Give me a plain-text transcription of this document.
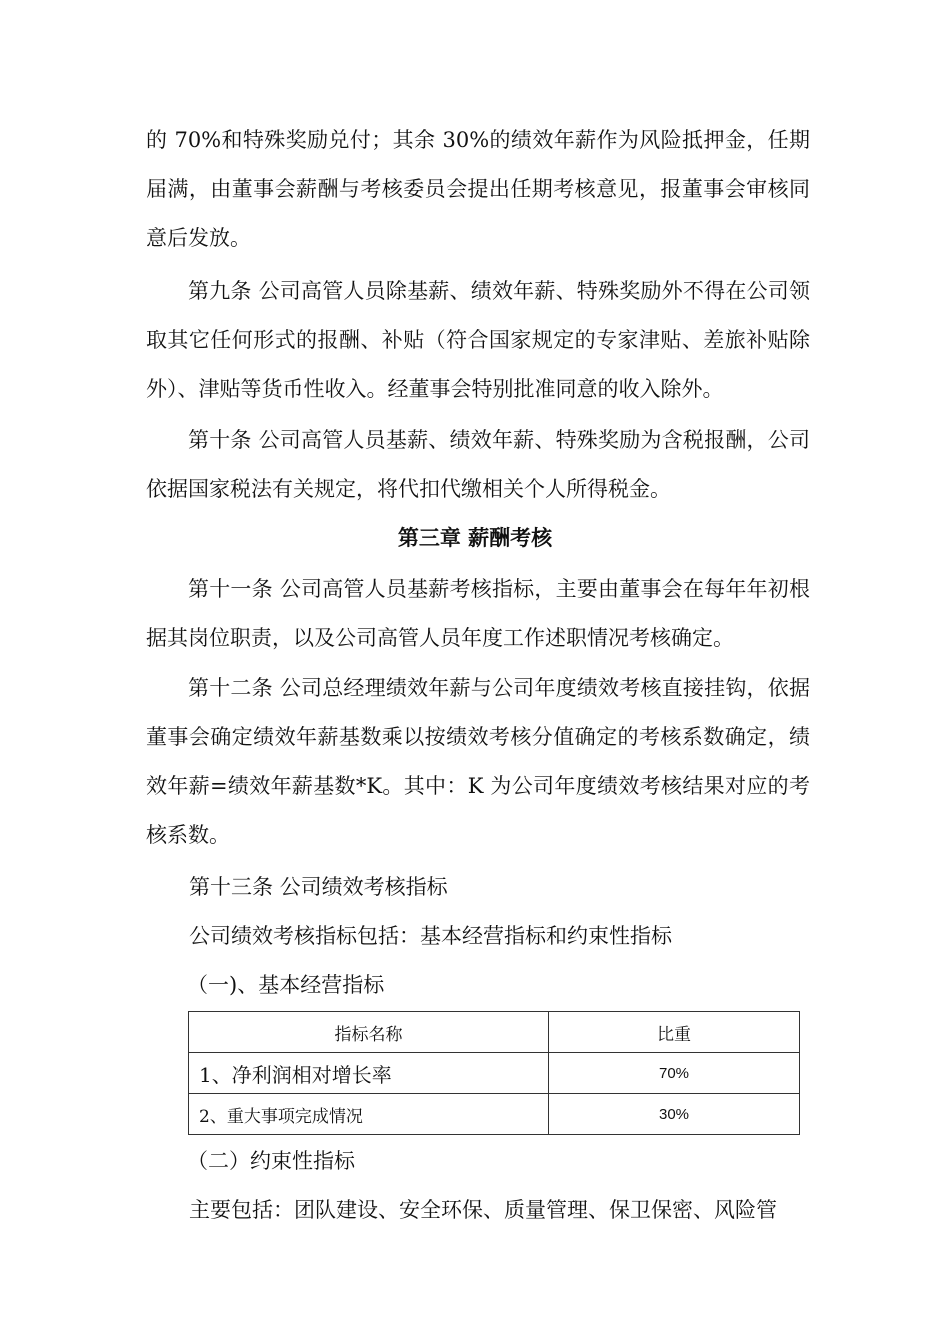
的 70%和特殊奖励兑付；其余 30%的绩效年薪作为风险抵押金，任期届满，由董事会薪酬与考核委员会提出任期考核意见，报董事会审核同意后发放。

第九条 公司高管人员除基薪、绩效年薪、特殊奖励外不得在公司领取其它任何形式的报酬、补贴（符合国家规定的专家津贴、差旅补贴除外）、津贴等货币性收入。经董事会特别批准同意的收入除外。

第十条 公司高管人员基薪、绩效年薪、特殊奖励为含税报酬，公司依据国家税法有关规定，将代扣代缴相关个人所得税金。

第三章 薪酬考核

第十一条 公司高管人员基薪考核指标，主要由董事会在每年年初根据其岗位职责，以及公司高管人员年度工作述职情况考核确定。

第十二条 公司总经理绩效年薪与公司年度绩效考核直接挂钩，依据董事会确定绩效年薪基数乘以按绩效考核分值确定的考核系数确定，绩效年薪=绩效年薪基数*K。其中：K 为公司年度绩效考核结果对应的考核系数。

第十三条 公司绩效考核指标
公司绩效考核指标包括：基本经营指标和约束性指标
（一)、基本经营指标
指标名称	比重
1、净利润相对增长率	70%
2、重大事项完成情况	30%
（二）约束性指标
主要包括：团队建设、安全环保、质量管理、保卫保密、风险管
